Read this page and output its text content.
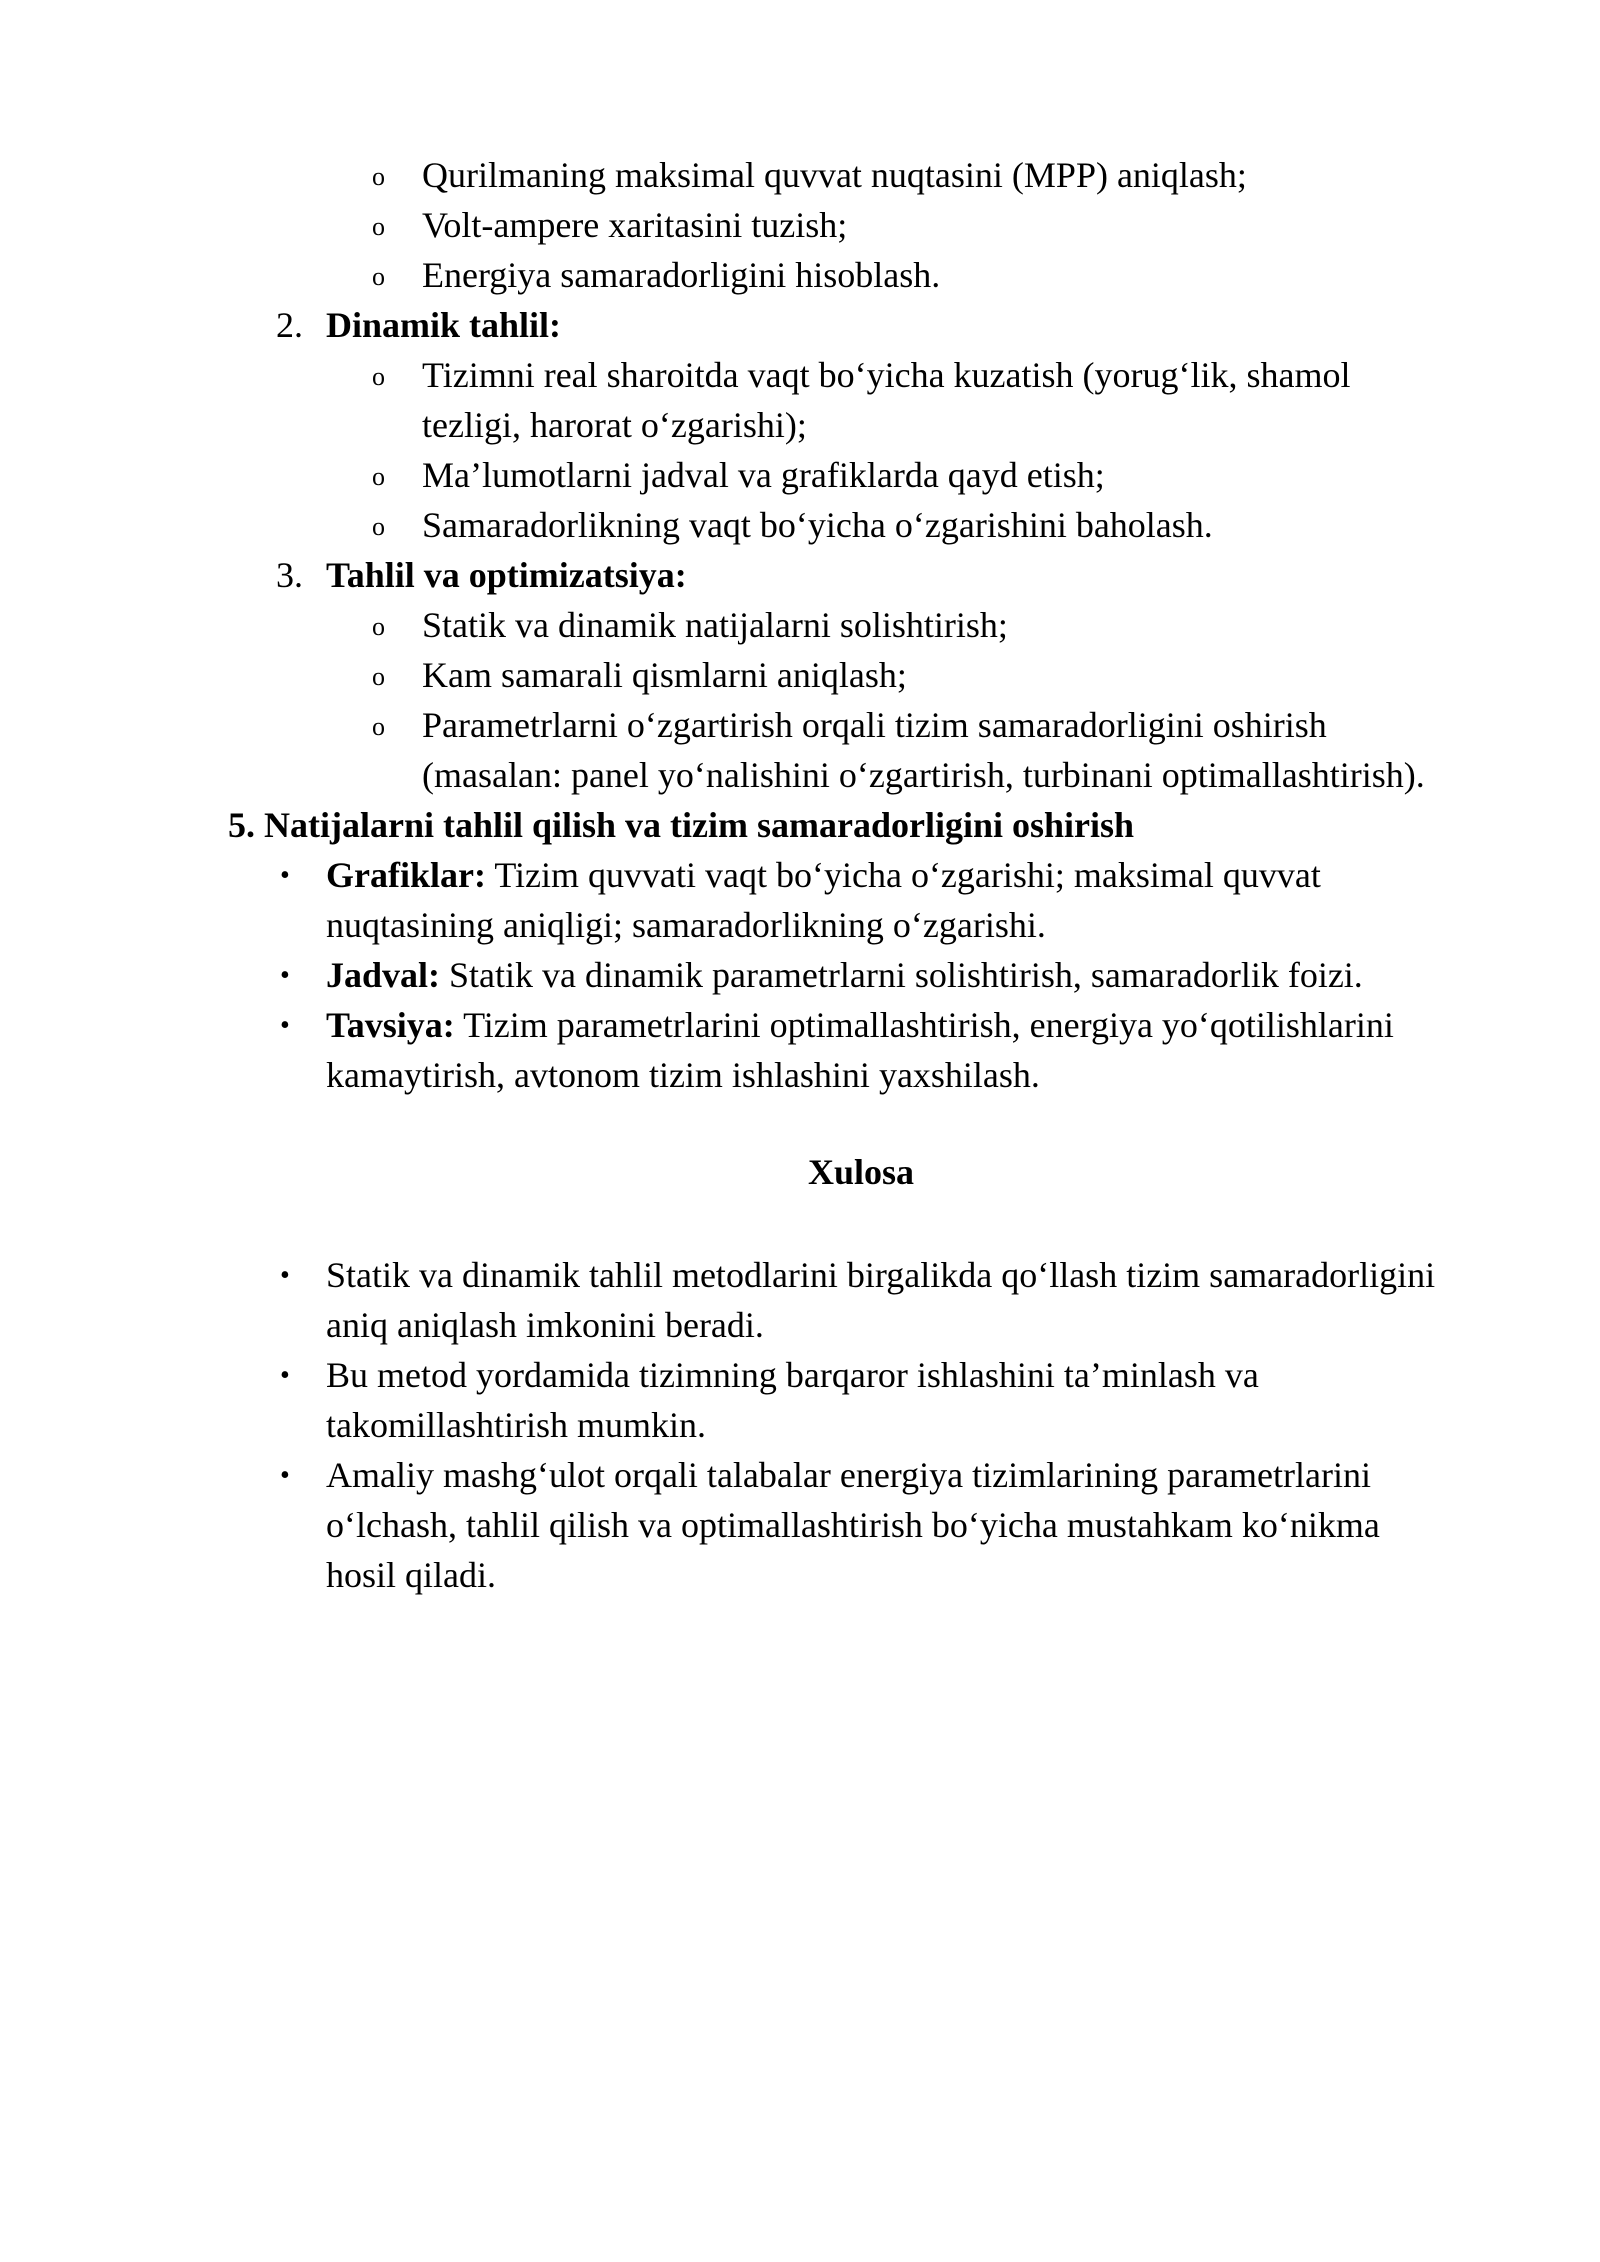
o Qurilmaning maksimal quvvat nuqtasini (MPP) aniqlash;
o Volt-ampere xaritasini tuzish;
o Energiya samaradorligini hisoblash.
2. Dinamik tahlil:
o Tizimni real sharoitda vaqt bo‘yicha kuzatish (yorug‘lik, shamol
tezligi, harorat o‘zgarishi);
o Ma’lumotlarni jadval va grafiklarda qayd etish;
o Samaradorlikning vaqt bo‘yicha o‘zgarishini baholash.
3. Tahlil va optimizatsiya:
o Statik va dinamik natijalarni solishtirish;
o Kam samarali qismlarni aniqlash;
o Parametrlarni o‘zgartirish orqali tizim samaradorligini oshirish
(masalan: panel yo‘nalishini o‘zgartirish, turbinani optimallashtirish).
5. Natijalarni tahlil qilish va tizim samaradorligini oshirish
• Grafiklar: Tizim quvvati vaqt bo‘yicha o‘zgarishi; maksimal quvvat
nuqtasining aniqligi; samaradorlikning o‘zgarishi.
• Jadval: Statik va dinamik parametrlarni solishtirish, samaradorlik foizi.
• Tavsiya: Tizim parametrlarini optimallashtirish, energiya yo‘qotilishlarini
kamaytirish, avtonom tizim ishlashini yaxshilash.
Xulosa
• Statik va dinamik tahlil metodlarini birgalikda qo‘llash tizim samaradorligini
aniq aniqlash imkonini beradi.
• Bu metod yordamida tizimning barqaror ishlashini ta’minlash va
takomillashtirish mumkin.
• Amaliy mashg‘ulot orqali talabalar energiya tizimlarining parametrlarini
o‘lchash, tahlil qilish va optimallashtirish bo‘yicha mustahkam ko‘nikma
hosil qiladi.
